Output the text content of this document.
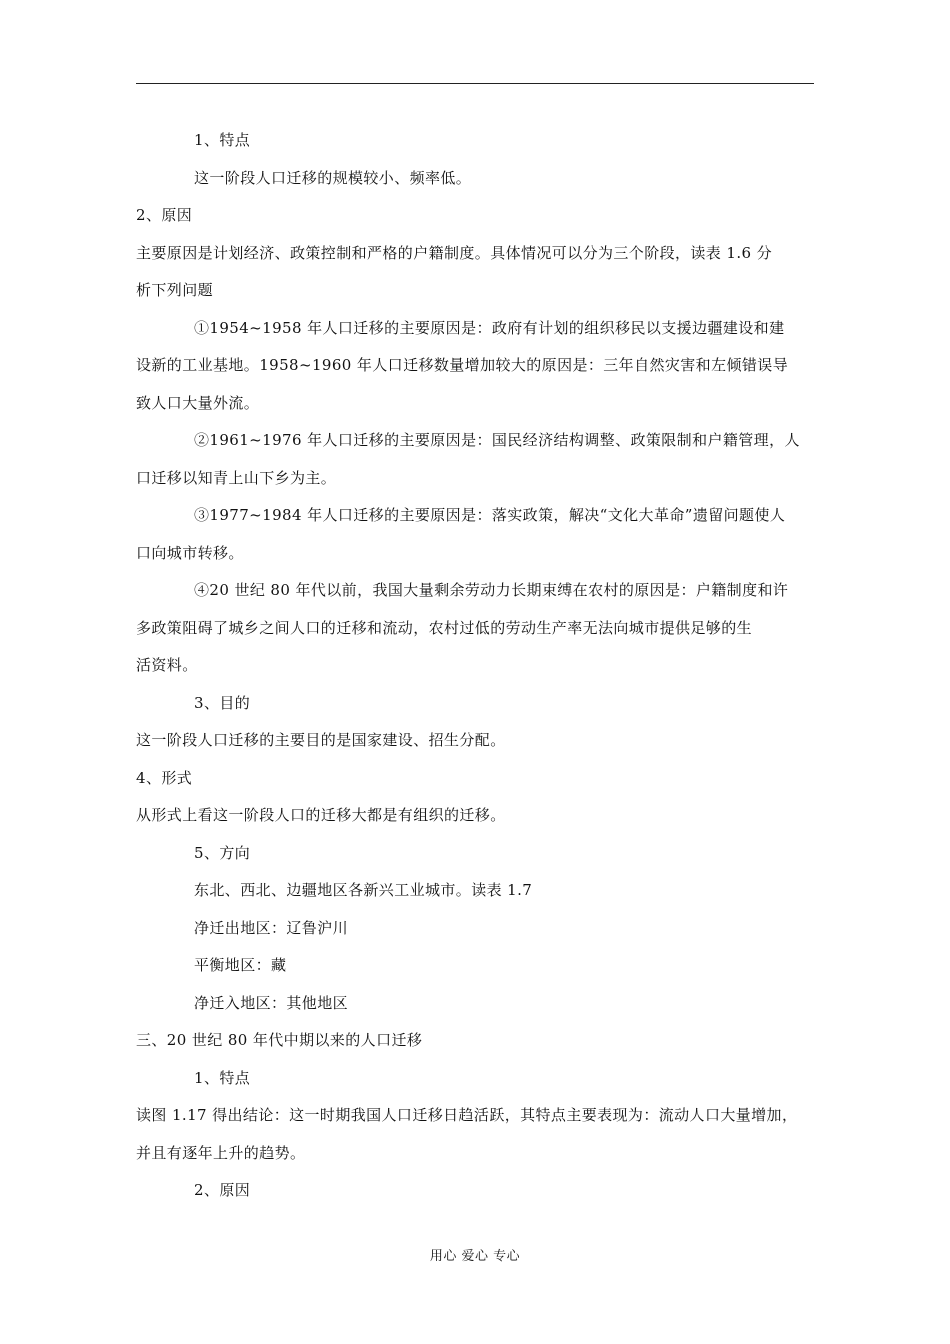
1、特点

这一阶段人口迁移的规模较小、频率低。

2、原因

主要原因是计划经济、政策控制和严格的户籍制度。具体情况可以分为三个阶段，读表 1.6 分

析下列问题

①1954~1958 年人口迁移的主要原因是：政府有计划的组织移民以支援边疆建设和建

设新的工业基地。1958~1960 年人口迁移数量增加较大的原因是：三年自然灾害和左倾错误导

致人口大量外流。

②1961~1976 年人口迁移的主要原因是：国民经济结构调整、政策限制和户籍管理，人

口迁移以知青上山下乡为主。

③1977~1984 年人口迁移的主要原因是：落实政策，解决“文化大革命”遗留问题使人

口向城市转移。

④20 世纪 80 年代以前，我国大量剩余劳动力长期束缚在农村的原因是：户籍制度和许

多政策阻碍了城乡之间人口的迁移和流动，农村过低的劳动生产率无法向城市提供足够的生

活资料。

3、目的

这一阶段人口迁移的主要目的是国家建设、招生分配。

4、形式

从形式上看这一阶段人口的迁移大都是有组织的迁移。

5、方向

东北、西北、边疆地区各新兴工业城市。读表 1.7

净迁出地区：辽鲁沪川

平衡地区：藏

净迁入地区：其他地区

三、20 世纪 80 年代中期以来的人口迁移

1、特点

读图 1.17 得出结论：这一时期我国人口迁移日趋活跃，其特点主要表现为：流动人口大量增加，

并且有逐年上升的趋势。

2、原因

用心 爱心 专心
